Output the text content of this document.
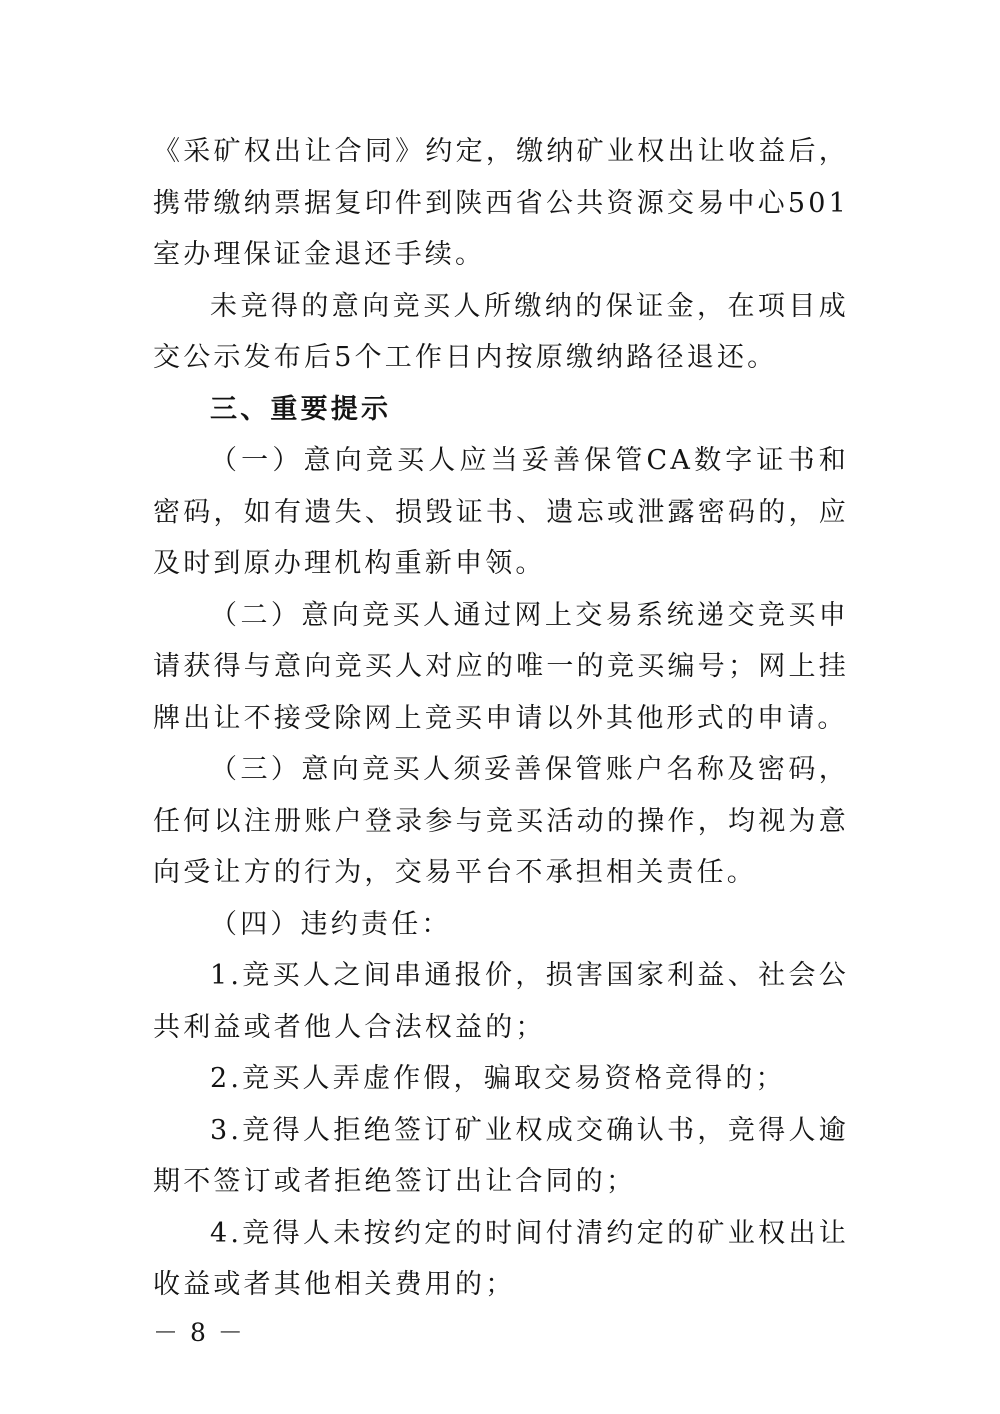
《采矿权出让合同》约定，缴纳矿业权出让收益后，携带缴纳票据复印件到陕西省公共资源交易中心501室办理保证金退还手续。

未竞得的意向竞买人所缴纳的保证金，在项目成交公示发布后5个工作日内按原缴纳路径退还。

三、重要提示

（一）意向竞买人应当妥善保管CA数字证书和密码，如有遗失、损毁证书、遗忘或泄露密码的，应及时到原办理机构重新申领。

（二）意向竞买人通过网上交易系统递交竞买申请获得与意向竞买人对应的唯一的竞买编号；网上挂牌出让不接受除网上竞买申请以外其他形式的申请。

（三）意向竞买人须妥善保管账户名称及密码，任何以注册账户登录参与竞买活动的操作，均视为意向受让方的行为，交易平台不承担相关责任。

（四）违约责任：

1.竞买人之间串通报价，损害国家利益、社会公共利益或者他人合法权益的；

2.竞买人弄虚作假，骗取交易资格竞得的；

3.竞得人拒绝签订矿业权成交确认书，竞得人逾期不签订或者拒绝签订出让合同的；

4.竞得人未按约定的时间付清约定的矿业权出让收益或者其他相关费用的；

－ 8 －
